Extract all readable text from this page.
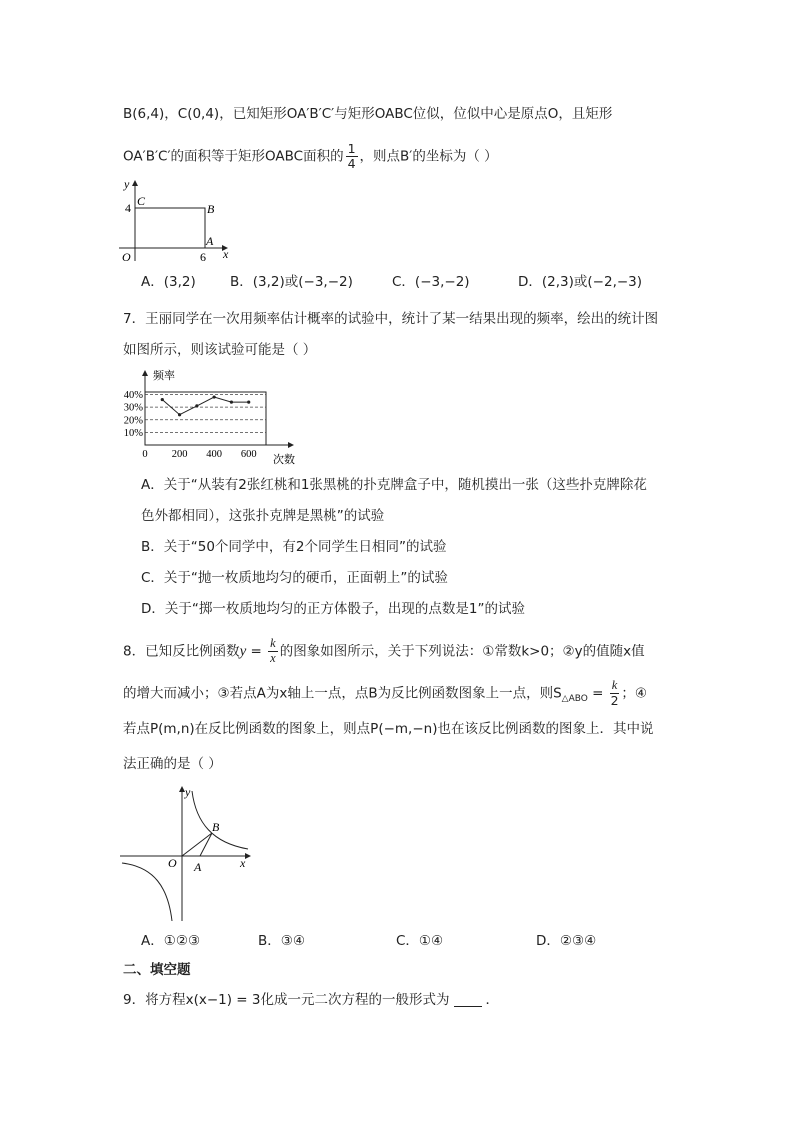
B(6,4)，C(0,4)，已知矩形OA′B′C′与矩形OABC位似，位似中心是原点O，且矩形
OA′B′C′的面积等于矩形OABC面积的 $\frac{1}{4}$ ，则点B′的坐标为（ ）
y
x
C
B
A
O
4
6
A．(3,2)	B．(3,2)或(−3,−2)	C．(−3,−2)	D．(2,3)或(−2,−3)
7．王丽同学在一次用频率估计概率的试验中，统计了某一结果出现的频率，绘出的统计图
如图所示，则该试验可能是（ ）
10%
20%
30%
40%
0 200 400 600
频率
次数
A．关于“从装有2张红桃和1张黑桃的扑克牌盒子中，随机摸出一张（这些扑克牌除花
色外都相同），这张扑克牌是黑桃”的试验
B．关于“50个同学中，有2个同学生日相同”的试验
C．关于“抛一枚质地均匀的硬币，正面朝上”的试验
D．关于“掷一枚质地均匀的正方体骰子，出现的点数是1”的试验
8．已知反比例函数$y = \frac{k}{x}$ 的图象如图所示，关于下列说法：①常数k>0；②y的值随x值
的增大而减小；③若点A为x轴上一点，点B为反比例函数图象上一点，则$S_{\triangle ABO} = \frac{k}{2}$ ；④
若点P(m,n)在反比例函数的图象上，则点P(−m,−n)也在该反比例函数的图象上．其中说
法正确的是（ ）
y
x
O A
B
A．①②③	B．③④	C．①④	D．②③④
二、填空题
9．将方程x(x−1) = 3化成一元二次方程的一般形式为	．
